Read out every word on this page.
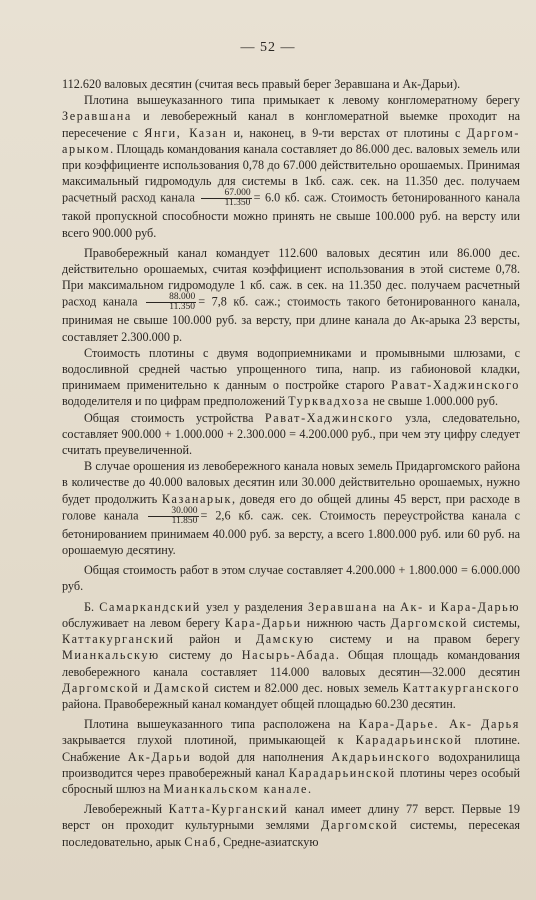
— 52 —

112.620 валовых десятин (считая весь правый берег Зеравшана и Ак-Дарьи).

Плотина вышеуказанного типа примыкает к левому конгломератному берегу Зеравшана и левобережный канал в конгломератной выемке проходит на пересечение с Янги, Казан и, наконец, в 9-ти верстах от плотины с Даргом-арыком. Площадь командования канала составляет до 86.000 дес. валовых земель или при коэффициенте использования 0,78 до 67.000 действительно орошаемых. Принимая максимальный гидромодуль для системы в 1кб. саж. сек. на 11.350 дес. получаем расчетный расход канала $\frac{67.000}{11.350} = 6.0$ кб. саж. Стоимость бетонированного канала такой пропускной способности можно принять не свыше 100.000 руб. на версту или всего 900.000 руб.

Правобережный канал командует 112.600 валовых десятин или 86.000 дес. действительно орошаемых, считая коэффициент использования в этой системе 0,78. При максимальном гидромодуле 1 кб. саж. в сек. на 11.350 дес. получаем расчетный расход канала $\frac{88.000}{11.350} = 7,8$ кб. саж.; стоимость такого бетонированного канала, принимая не свыше 100.000 руб. за версту, при длине канала до Ак-арыка 23 версты, составляет 2.300.000 р.

Стоимость плотины с двумя водоприемниками и промывными шлюзами, с водосливной средней частью упрощенного типа, напр. из габионовой кладки, принимаем применительно к данным о постройке старого Рават-Хаджинского вододелителя и по цифрам предположений Турквадхоза не свыше 1.000.000 руб.

Общая стоимость устройства Рават-Хаджинского узла, следовательно, составляет 900.000 + 1.000.000 + 2.300.000 = 4.200.000 руб., при чем эту цифру следует считать преувеличенной.

В случае орошения из левобережного канала новых земель Придаргомского района в количестве до 40.000 валовых десятин или 30.000 действительно орошаемых, нужно будет продолжить Казанарык, доведя его до общей длины 45 верст, при расходе в голове канала $\frac{30.000}{11.850} = 2,6$ кб. саж. сек. Стоимость переустройства канала с бетонированием принимаем 40.000 руб. за версту, а всего 1.800.000 руб. или 60 руб. на орошаемую десятину.

Общая стоимость работ в этом случае составляет 4.200.000 + 1.800.000 = 6.000.000 руб.

Б. Самаркандский узел у разделения Зеравшана на Ак- и Кара-Дарью обслуживает на левом берегу Кара-Дарьи нижнюю часть Даргомской системы, Каттакурганский район и Дамскую систему и на правом берегу Мианкальскую систему до Насырь-Абада. Общая площадь командования левобережного канала составляет 114.000 валовых десятин—32.000 десятин Даргомской и Дамской систем и 82.000 дес. новых земель Каттакурганского района. Правобережный канал командует общей площадью 60.230 десятин.

Плотина вышеуказанного типа расположена на Кара-Дарье. Ак- Дарья закрывается глухой плотиной, примыкающей к Карадарьинской плотине. Снабжение Ак-Дарьи водой для наполнения Акдарьинского водохранилища производится через правобережный канал Карадарьинской плотины через особый сбросный шлюз на Мианкальском канале.

Левобережный Катта-Курганский канал имеет длину 77 верст. Первые 19 верст он проходит культурными землями Даргомской системы, пересекая последовательно, арык Снаб, Средне-азиатскую
